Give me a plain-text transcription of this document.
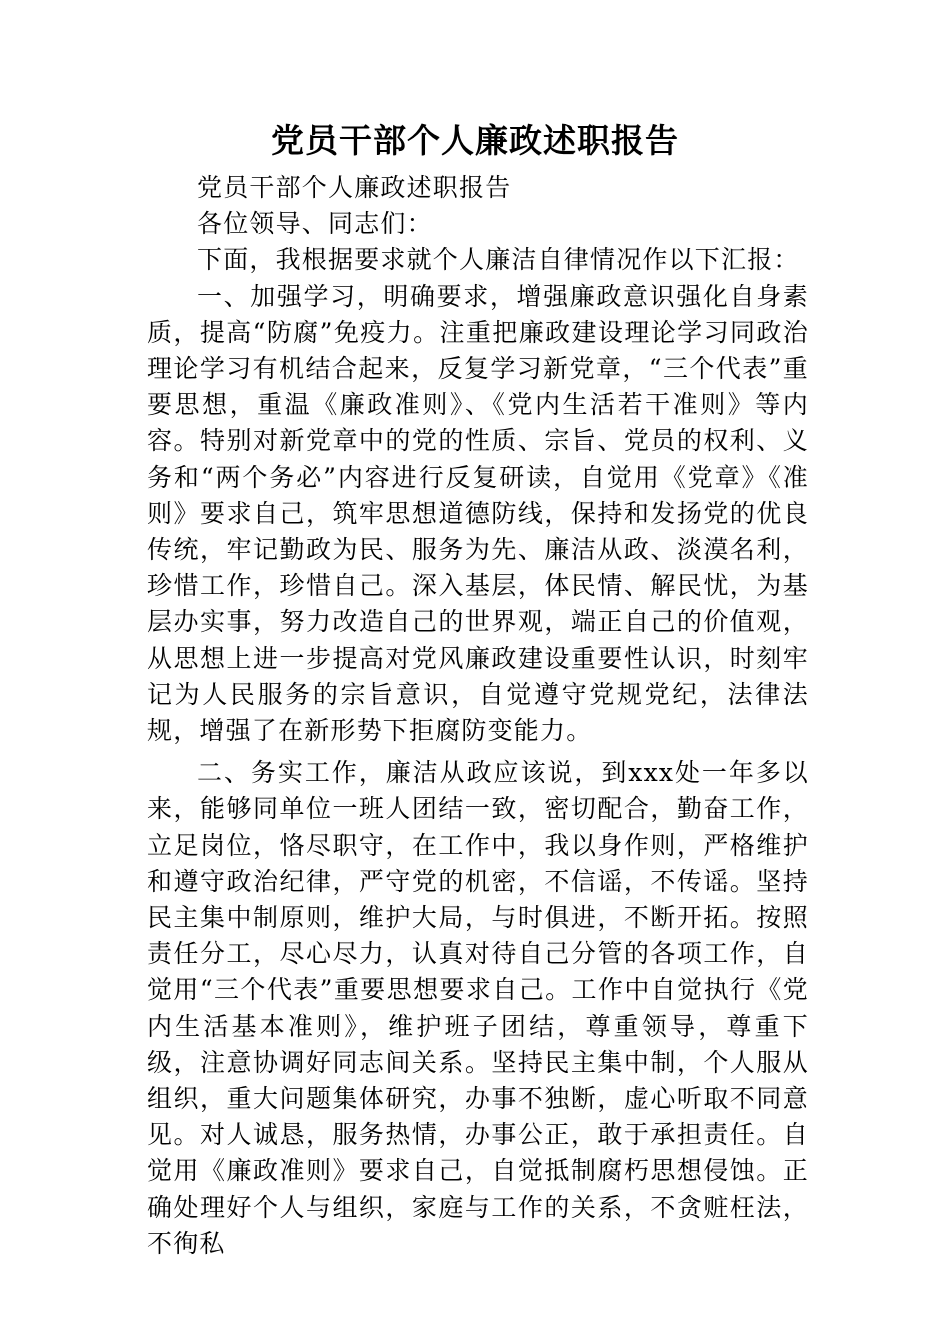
党员干部个人廉政述职报告

党员干部个人廉政述职报告

各位领导、同志们：

下面，我根据要求就个人廉洁自律情况作以下汇报：

一、加强学习，明确要求，增强廉政意识强化自身素质，提高“防腐”免疫力。注重把廉政建设理论学习同政治理论学习有机结合起来，反复学习新党章，“三个代表”重要思想，重温《廉政准则》、《党内生活若干准则》等内容。特别对新党章中的党的性质、宗旨、党员的权利、义务和“两个务必”内容进行反复研读，自觉用《党章》《准则》要求自己，筑牢思想道德防线，保持和发扬党的优良传统，牢记勤政为民、服务为先、廉洁从政、淡漠名利，珍惜工作，珍惜自己。深入基层，体民情、解民忧，为基层办实事，努力改造自己的世界观，端正自己的价值观，从思想上进一步提高对党风廉政建设重要性认识，时刻牢记为人民服务的宗旨意识，自觉遵守党规党纪，法律法规，增强了在新形势下拒腐防变能力。

二、务实工作，廉洁从政应该说，到xxx处一年多以来，能够同单位一班人团结一致，密切配合，勤奋工作，立足岗位，恪尽职守，在工作中，我以身作则，严格维护和遵守政治纪律，严守党的机密，不信谣，不传谣。坚持民主集中制原则，维护大局，与时俱进，不断开拓。按照责任分工，尽心尽力，认真对待自己分管的各项工作，自觉用“三个代表”重要思想要求自己。工作中自觉执行《党内生活基本准则》，维护班子团结，尊重领导，尊重下级，注意协调好同志间关系。坚持民主集中制，个人服从组织，重大问题集体研究，办事不独断，虚心听取不同意见。对人诚恳，服务热情，办事公正，敢于承担责任。自觉用《廉政准则》要求自己，自觉抵制腐朽思想侵蚀。正确处理好个人与组织，家庭与工作的关系，不贪赃枉法，不徇私
